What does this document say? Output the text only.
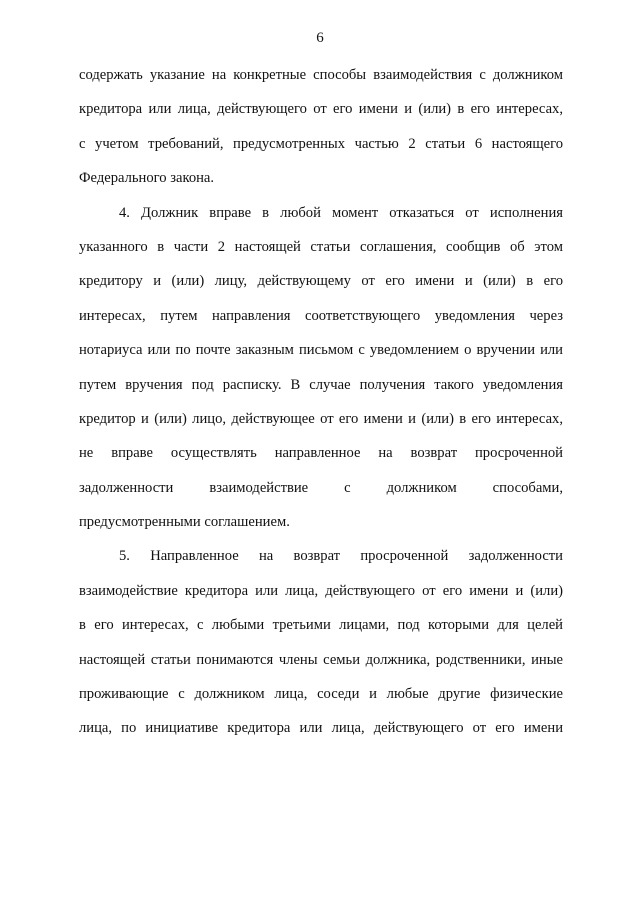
6
содержать указание на конкретные способы взаимодействия с должником
кредитора или лица, действующего от его имени и (или) в его интересах,
с учетом требований, предусмотренных частью 2 статьи 6 настоящего
Федерального закона.
4. Должник вправе в любой момент отказаться от исполнения
указанного в части 2 настоящей статьи соглашения, сообщив об этом
кредитору и (или) лицу, действующему от его имени и (или) в его
интересах, путем направления соответствующего уведомления через
нотариуса или по почте заказным письмом с уведомлением о вручении или
путем вручения под расписку. В случае получения такого уведомления
кредитор и (или) лицо, действующее от его имени и (или) в его интересах,
не вправе осуществлять направленное на возврат просроченной
задолженности взаимодействие с должником способами,
предусмотренными соглашением.
5. Направленное на возврат просроченной задолженности
взаимодействие кредитора или лица, действующего от его имени и (или)
в его интересах, с любыми третьими лицами, под которыми для целей
настоящей статьи понимаются члены семьи должника, родственники, иные
проживающие с должником лица, соседи и любые другие физические
лица, по инициативе кредитора или лица, действующего от его имени
